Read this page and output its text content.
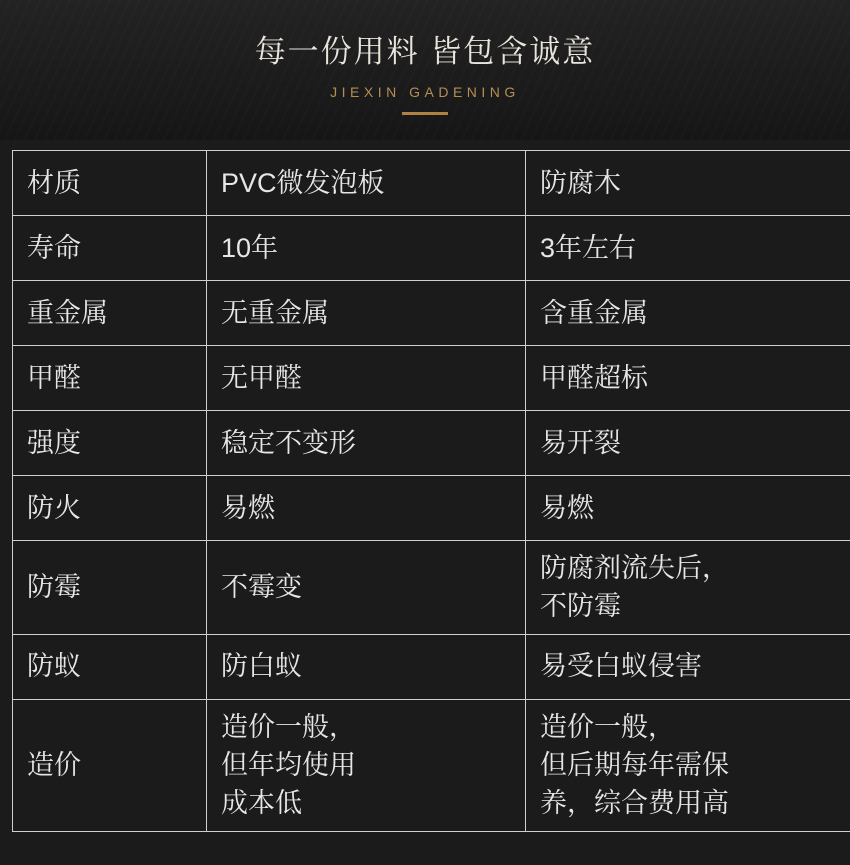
每一份用料 皆包含诚意
JIEXIN GADENING
材质	PVC微发泡板	防腐木
寿命	10年	3年左右
重金属	无重金属	含重金属
甲醛	无甲醛	甲醛超标
强度	稳定不变形	易开裂
防火	易燃	易燃
防霉	不霉变	防腐剂流失后，
不防霉

防蚁	防白蚁	易受白蚁侵害
造价	造价一般，
但年均使用
成本低	造价一般，
但后期每年需保
养，综合费用高
